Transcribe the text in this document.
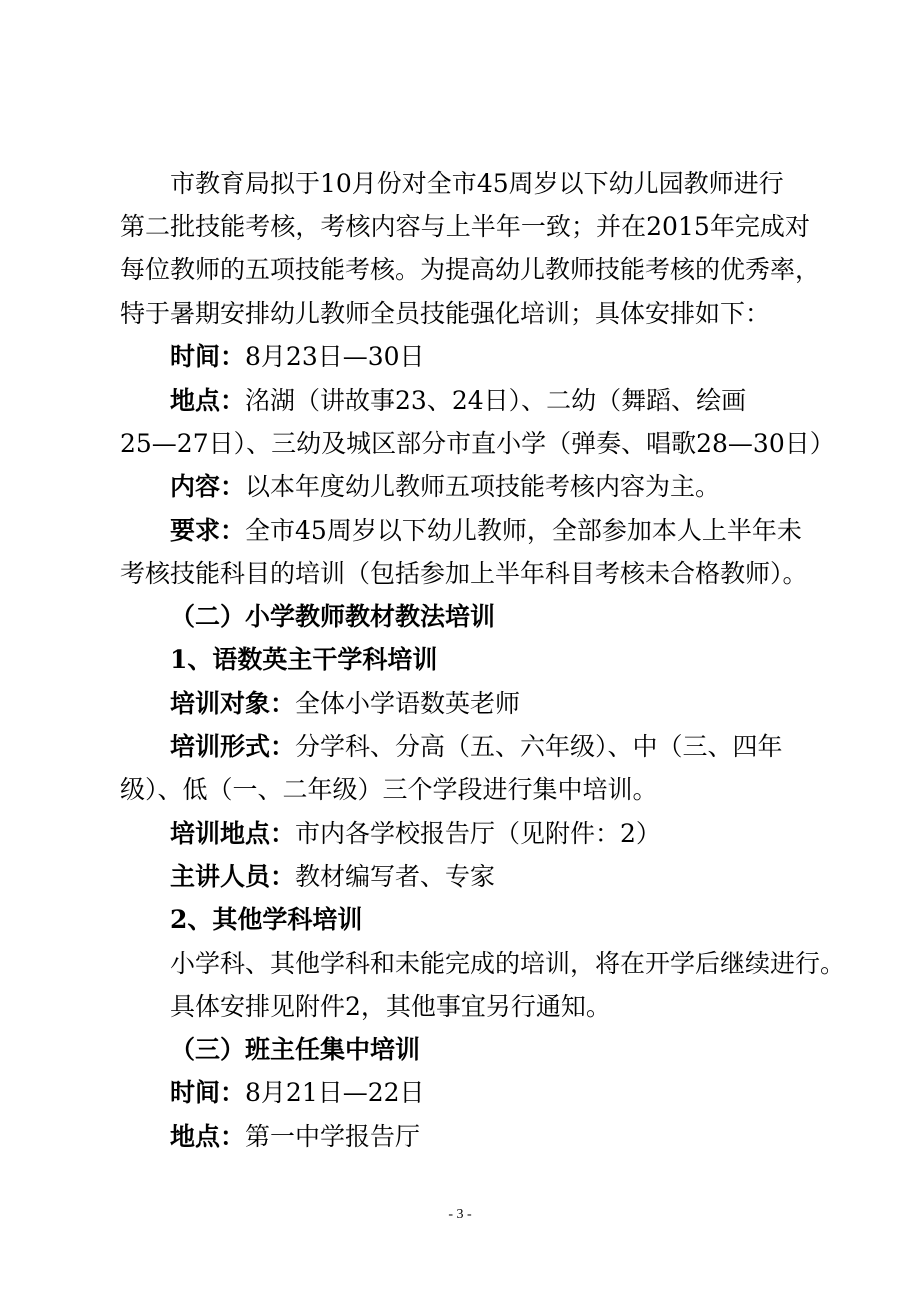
市教育局拟于10月份对全市45周岁以下幼儿园教师进行
第二批技能考核，考核内容与上半年一致；并在2015年完成对
每位教师的五项技能考核。为提高幼儿教师技能考核的优秀率，
特于暑期安排幼儿教师全员技能强化培训；具体安排如下：
时间：8月23日—30日
地点：洺湖（讲故事23、24日）、二幼（舞蹈、绘画
25—27日）、三幼及城区部分市直小学（弹奏、唱歌28—30日）
内容：以本年度幼儿教师五项技能考核内容为主。
要求：全市45周岁以下幼儿教师，全部参加本人上半年未
考核技能科目的培训（包括参加上半年科目考核未合格教师）。
（二）小学教师教材教法培训
1、语数英主干学科培训
培训对象：全体小学语数英老师
培训形式：分学科、分高（五、六年级）、中（三、四年
级）、低（一、二年级）三个学段进行集中培训。
培训地点：市内各学校报告厅（见附件：2）
主讲人员：教材编写者、专家
2、其他学科培训
小学科、其他学科和未能完成的培训，将在开学后继续进行。
具体安排见附件2，其他事宜另行通知。
（三）班主任集中培训
时间：8月21日—22日
地点：第一中学报告厅
- 3 -
